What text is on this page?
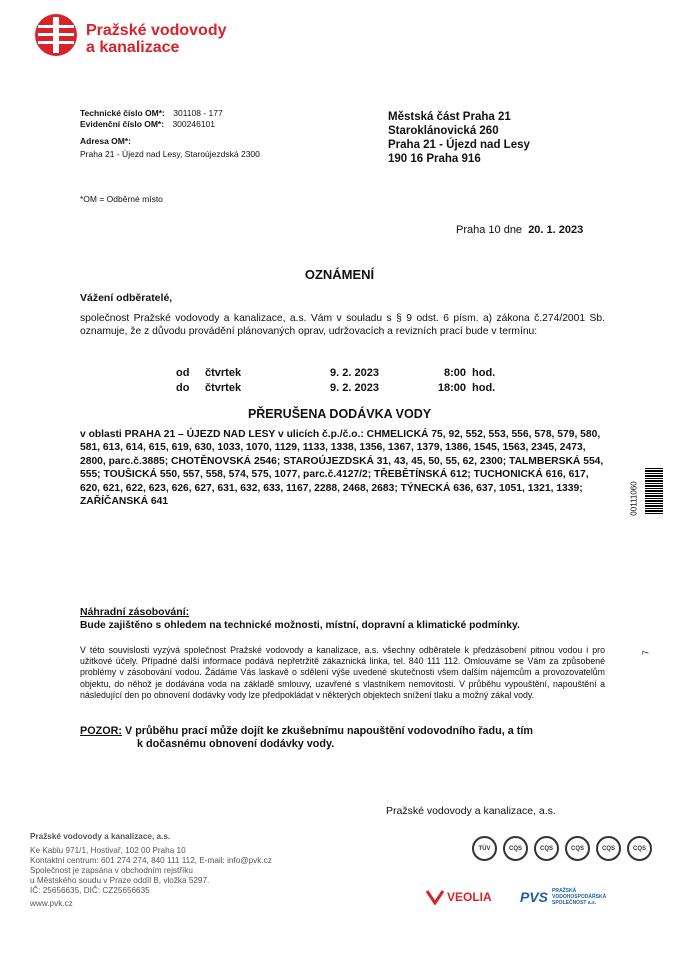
Pražské vodovody
a kanalizace
Technické číslo OM*: 301108 - 177
Evidenční číslo OM*: 300246101
Adresa OM*:
Praha 21 - Újezd nad Lesy, Staroújezdská 2300
*OM = Odběrné místo
Městská část Praha 21
Staroklánovická 260
Praha 21 - Újezd nad Lesy
190 16 Praha 916
Praha 10 dne 20. 1. 2023
OZNÁMENÍ
Vážení odběratelé,
společnost Pražské vodovody a kanalizace, a.s. Vám v souladu s § 9 odst. 6 písm. a) zákona č.274/2001 Sb. oznamuje, že z důvodu provádění plánovaných oprav, udržovacích a revizních prací bude v termínu:
od čtvrtek	9. 2. 2023	8:00 hod.
do čtvrtek	9. 2. 2023	18:00 hod.
PŘERUŠENA DODÁVKA VODY
v oblasti PRAHA 21 – ÚJEZD NAD LESY v ulicích č.p./č.o.: CHMELICKÁ 75, 92, 552, 553, 556, 578, 579, 580, 581, 613, 614, 615, 619, 630, 1033, 1070, 1129, 1133, 1338, 1356, 1367, 1379, 1386, 1545, 1563, 2345, 2473, 2800, parc.č.3885; CHOTĚNOVSKÁ 2546; STAROÚJEZDSKÁ 31, 43, 45, 50, 55, 62, 2300; TALMBERSKÁ 554, 555; TOUŠICKÁ 550, 557, 558, 574, 575, 1077, parc.č.4127/2; TŘEBĚTÍNSKÁ 612; TUCHONICKÁ 616, 617, 620, 621, 622, 623, 626, 627, 631, 632, 633, 1167, 2288, 2468, 2683; TÝNECKÁ 636, 637, 1051, 1321, 1339; ZAŘÍČANSKÁ 641
Náhradní zásobování:
Bude zajištěno s ohledem na technické možnosti, místní, dopravní a klimatické podmínky.
V této souvislosti vyzývá společnost Pražské vodovody a kanalizace, a.s. všechny odběratele k předzásobení pitnou vodou i pro užitkové účely. Případné další informace podává nepřetržitě zákaznická linka, tel. 840 111 112. Omlouváme se Vám za způsobené problémy v zásobování vodou. Žádáme Vás laskavě o sdělení výše uvedené skutečnosti všem dalším nájemcům a provozovatelům objektu, do něhož je dodávána voda na základě smlouvy, uzavřené s vlastníkem nemovitosti. V průběhu vypouštění, napouštění a následující den po obnovení dodávky vody lze předpokládat v některých objektech snížení tlaku a možný zákal vody.
POZOR: V průběhu prací může dojít ke zkušebnímu napouštění vodovodního řadu, a tím
k dočasnému obnovení dodávky vody.
Pražské vodovody a kanalizace, a.s.
00111060
7
Pražské vodovody a kanalizace, a.s.
Ke Kablu 971/1, Hostivař, 102 00 Praha 10
Kontaktní centrum: 601 274 274, 840 111 112, E-mail: info@pvk.cz
Společnost je zapsána v obchodním rejstříku
u Městského soudu v Praze oddíl B, vložka 5297.
IČ: 25656635, DIČ: CZ25656635
www.pvk.cz
TÜV	CQS	CQS	CQS	CQS	CQS
VEOLIA PVS PRAŽSKÁ
VODOHOSPODÁŘSKÁ
SPOLEČNOST a.s.
